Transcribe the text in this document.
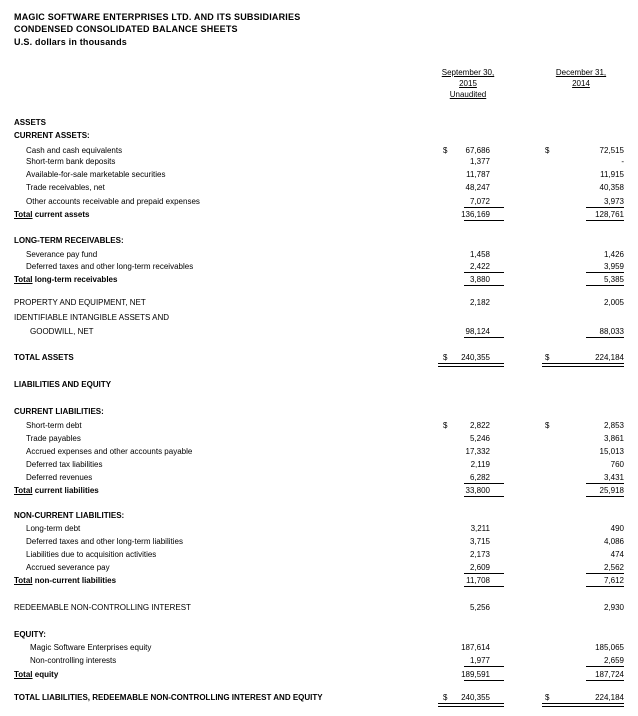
MAGIC SOFTWARE ENTERPRISES LTD. AND ITS SUBSIDIARIES
CONDENSED CONSOLIDATED BALANCE SHEETS
U.S. dollars in thousands
September 30,
2015
Unaudited
December 31,
2014
ASSETS
CURRENT ASSETS:
Cash and cash equivalents	$	67,686	$	72,515
Short-term bank deposits	1,377	-
Available-for-sale marketable securities	11,787	11,915
Trade receivables, net	48,247	40,358
Other accounts receivable and prepaid expenses	7,072	3,973
Total current assets	136,169	128,761
LONG-TERM RECEIVABLES:
Severance pay fund	1,458	1,426
Deferred taxes and other long-term receivables	2,422	3,959
Total long-term receivables	3,880	5,385
PROPERTY AND EQUIPMENT, NET	2,182	2,005
IDENTIFIABLE INTANGIBLE ASSETS AND
GOODWILL, NET	98,124	88,033
TOTAL ASSETS	$	240,355	$	224,184
LIABILITIES AND EQUITY
CURRENT LIABILITIES:
Short-term debt	$	2,822	$	2,853
Trade payables	5,246	3,861
Accrued expenses and other accounts payable	17,332	15,013
Deferred tax liabilities	2,119	760
Deferred revenues	6,282	3,431
Total current liabilities	33,800	25,918
NON-CURRENT LIABILITIES:
Long-term debt	3,211	490
Deferred taxes and other long-term liabilities	3,715	4,086
Liabilities due to acquisition activities	2,173	474
Accrued severance pay	2,609	2,562
Total non-current liabilities	11,708	7,612
REDEEMABLE NON-CONTROLLING INTEREST	5,256	2,930
EQUITY:
Magic Software Enterprises equity	187,614	185,065
Non-controlling interests	1,977	2,659
Total equity	189,591	187,724
TOTAL LIABILITIES, REDEEMABLE NON-CONTROLLING INTEREST AND EQUITY	$	240,355	$	224,184
